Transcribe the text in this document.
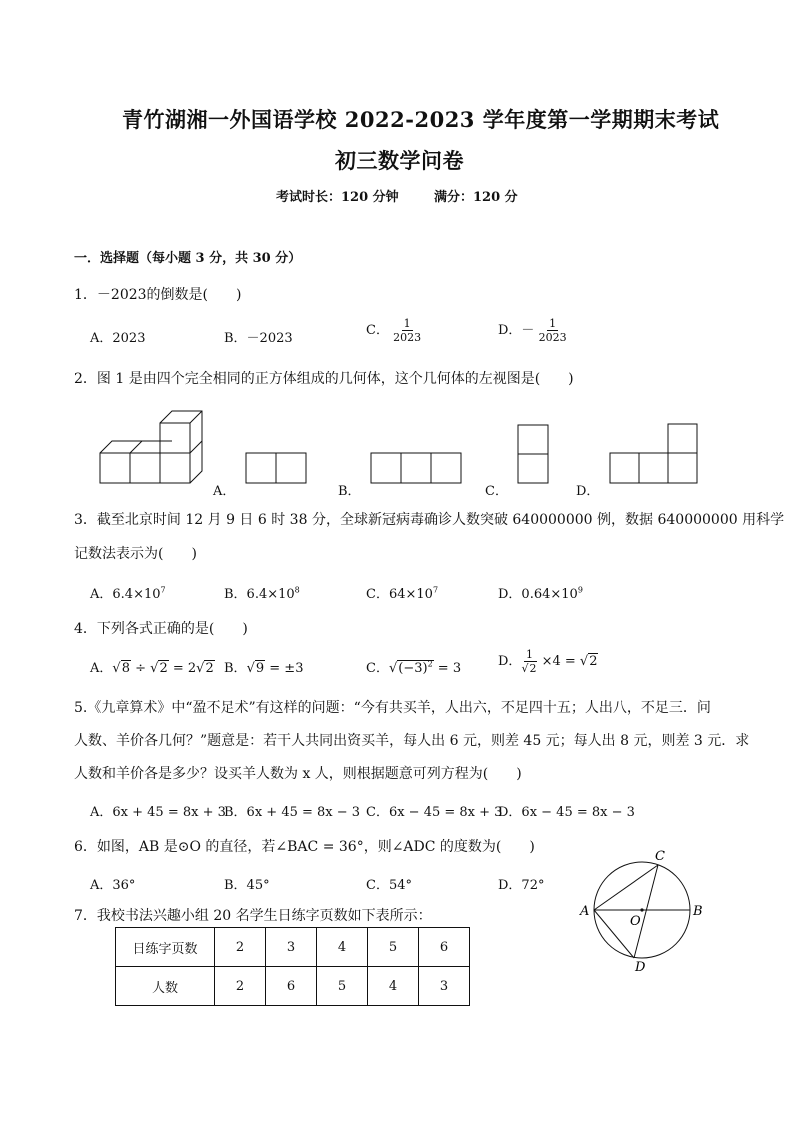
青竹湖湘一外国语学校 2022-2023 学年度第一学期期末考试
初三数学问卷
考试时长：120 分钟	满分：120 分
一．选择题（每小题 3 分，共 30 分）
1．－2023的倒数是(　　)
A．2023	B．－2023
C． $\frac{1}{2023}$	D．－ $\frac{1}{2023}$
2．图 1 是由四个完全相同的正方体组成的几何体，这个几何体的左视图是(　　)
A．	B．	C．	D．
3．截至北京时间 12 月 9 日 6 时 38 分，全球新冠病毒确诊人数突破 640000000 例，数据 640000000 用科学
记数法表示为(　　)
A．$6.4\times 10^7$	B．$6.4\times 10^8$	C．$64\times 10^7$	D．$0.64\times 10^9$
4．下列各式正确的是(　　)
A．√8 ÷ √2 = 2√2 B．√9 = ±3	C．$√(-3)^2 = 3$	D． $\frac{1}{√2} \times 4 = √2$
5.《九章算术》中“盈不足术”有这样的问题：“今有共买羊，人出六，不足四十五；人出八，不足三．问
人数、羊价各几何？”题意是：若干人共同出资买羊，每人出 6 元，则差 45 元；每人出 8 元，则差 3 元．求
人数和羊价各是多少？设买羊人数为 x 人，则根据题意可列方程为(　　)
A．6x + 45 = 8x + 3
B．6x + 45 = 8x − 3 C．6x − 45 = 8x + 3
D．6x − 45 = 8x − 3
6．如图，AB 是⊙O 的直径，若∠BAC = 36°，则∠ADC 的度数为(　　)
A．36°	B．45°	C．54°	D．72°
A	B
C
D
O
7．我校书法兴趣小组 20 名学生日练字页数如下表所示：
日练字页数	2	3	4	5	6
人数	2	6	5	4	3
